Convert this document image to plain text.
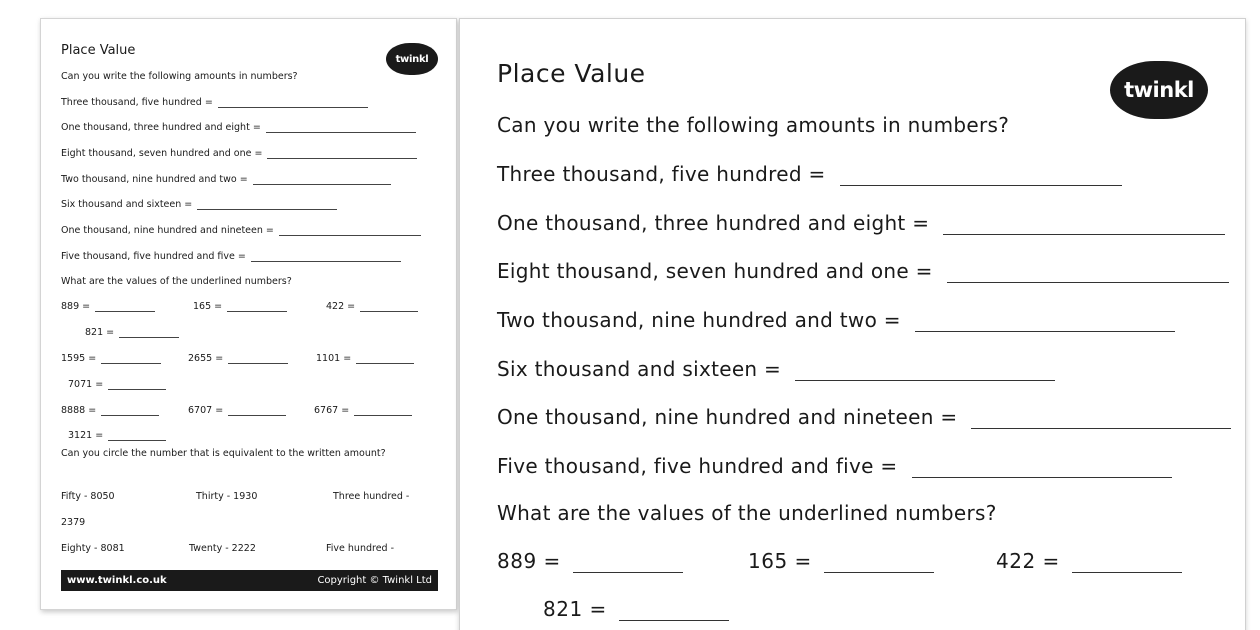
Place Value
twinkl
Can you write the following amounts in numbers?
Three thousand, five hundred =
One thousand, three hundred and eight =
Eight thousand, seven hundred and one =
Two thousand, nine hundred and two =
Six thousand and sixteen =
One thousand, nine hundred and nineteen =
Five thousand, five hundred and five =
What are the values of the underlined numbers?
889 =	165 =	422 =
821 =
1595 =	2655 =	1101 =
7071 =
8888 =	6707 =	6767 =
3121 =
Can you circle the number that is equivalent to the written amount?
Fifty - 8050	Thirty - 1930	Three hundred -
2379
Eighty - 8081	Twenty - 2222	Five hundred -
www.twinkl.co.uk	Copyright © Twinkl Ltd
Place Value
twinkl
Can you write the following amounts in numbers?
Three thousand, five hundred =
One thousand, three hundred and eight =
Eight thousand, seven hundred and one =
Two thousand, nine hundred and two =
Six thousand and sixteen =
One thousand, nine hundred and nineteen =
Five thousand, five hundred and five =
What are the values of the underlined numbers?
889 =	165 =	422 =
821 =
